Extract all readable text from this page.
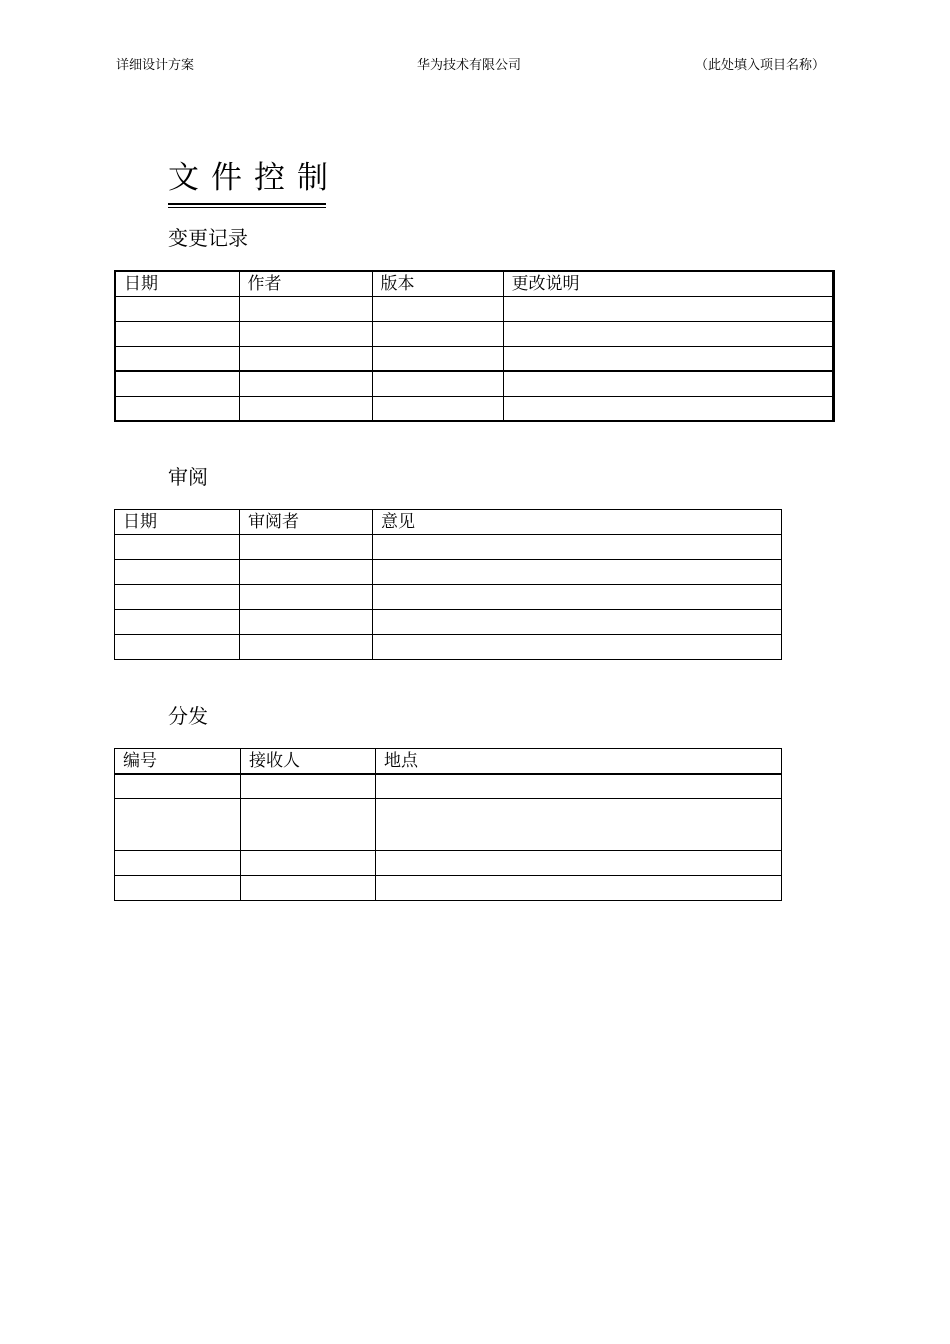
详细设计方案	华为技术有限公司	（此处填入项目名称）
文件控制
变更记录
日期	作者	版本	更改说明

审阅
日期	审阅者	意见

分发
编号	接收人	地点
